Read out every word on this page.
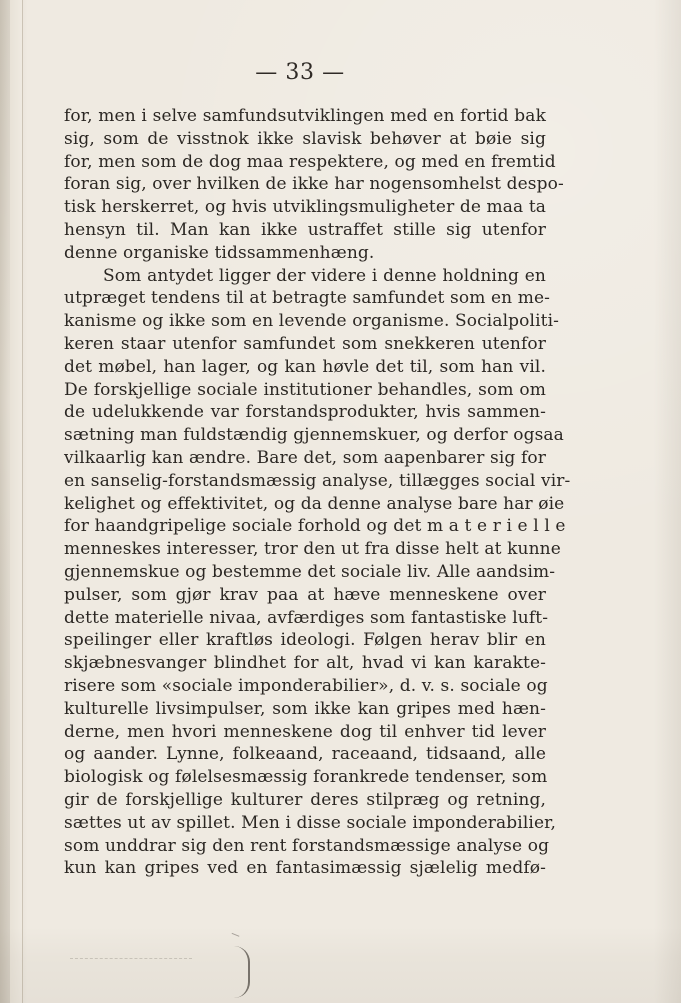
— 33 —
for, men i selve samfundsutviklingen med en fortid bak
sig, som de visstnok ikke slavisk behøver at bøie sig
for, men som de dog maa respektere, og med en fremtid
foran sig, over hvilken de ikke har nogensomhelst despo-
tisk herskerret, og hvis utviklingsmuligheter de maa ta
hensyn til. Man kan ikke ustraffet stille sig utenfor
denne organiske tidssammenhæng.
Som antydet ligger der videre i denne holdning en
utpræget tendens til at betragte samfundet som en me-
kanisme og ikke som en levende organisme. Socialpoliti-
keren staar utenfor samfundet som snekkeren utenfor
det møbel, han lager, og kan høvle det til, som han vil.
De forskjellige sociale institutioner behandles, som om
de udelukkende var forstandsprodukter, hvis sammen-
sætning man fuldstændig gjennemskuer, og derfor ogsaa
vilkaarlig kan ændre. Bare det, som aapenbarer sig for
en sanselig-forstandsmæssig analyse, tillægges social vir-
kelighet og effektivitet, og da denne analyse bare har øie
for haandgripelige sociale forhold og det m a t e r i e l l e
menneskes interesser, tror den ut fra disse helt at kunne
gjennemskue og bestemme det sociale liv. Alle aandsim-
pulser, som gjør krav paa at hæve menneskene over
dette materielle nivaa, avfærdiges som fantastiske luft-
speilinger eller kraftløs ideologi. Følgen herav blir en
skjæbnesvanger blindhet for alt, hvad vi kan karakte-
risere som «sociale imponderabilier», d. v. s. sociale og
kulturelle livsimpulser, som ikke kan gripes med hæn-
derne, men hvori menneskene dog til enhver tid lever
og aander. Lynne, folkeaand, raceaand, tidsaand, alle
biologisk og følelsesmæssig forankrede tendenser, som
gir de forskjellige kulturer deres stilpræg og retning,
sættes ut av spillet. Men i disse sociale imponderabilier,
som unddrar sig den rent forstandsmæssige analyse og
kun kan gripes ved en fantasimæssig sjælelig medfø-
